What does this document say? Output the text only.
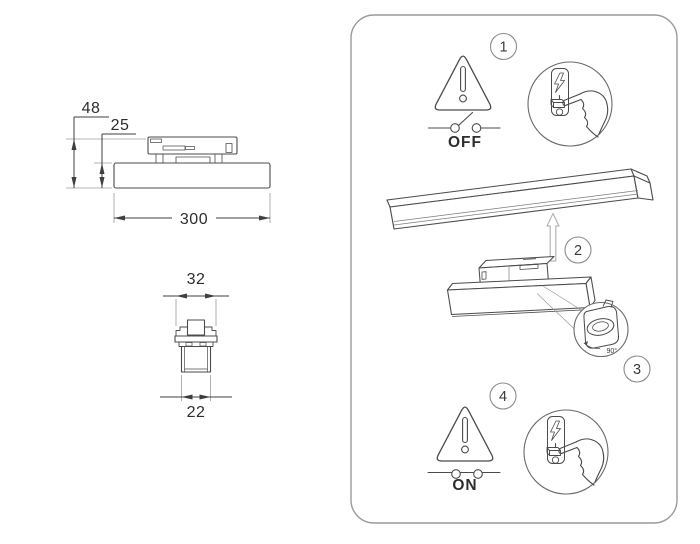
48
25
300
32
22
1
OFF
2
90°
3
4
ON
